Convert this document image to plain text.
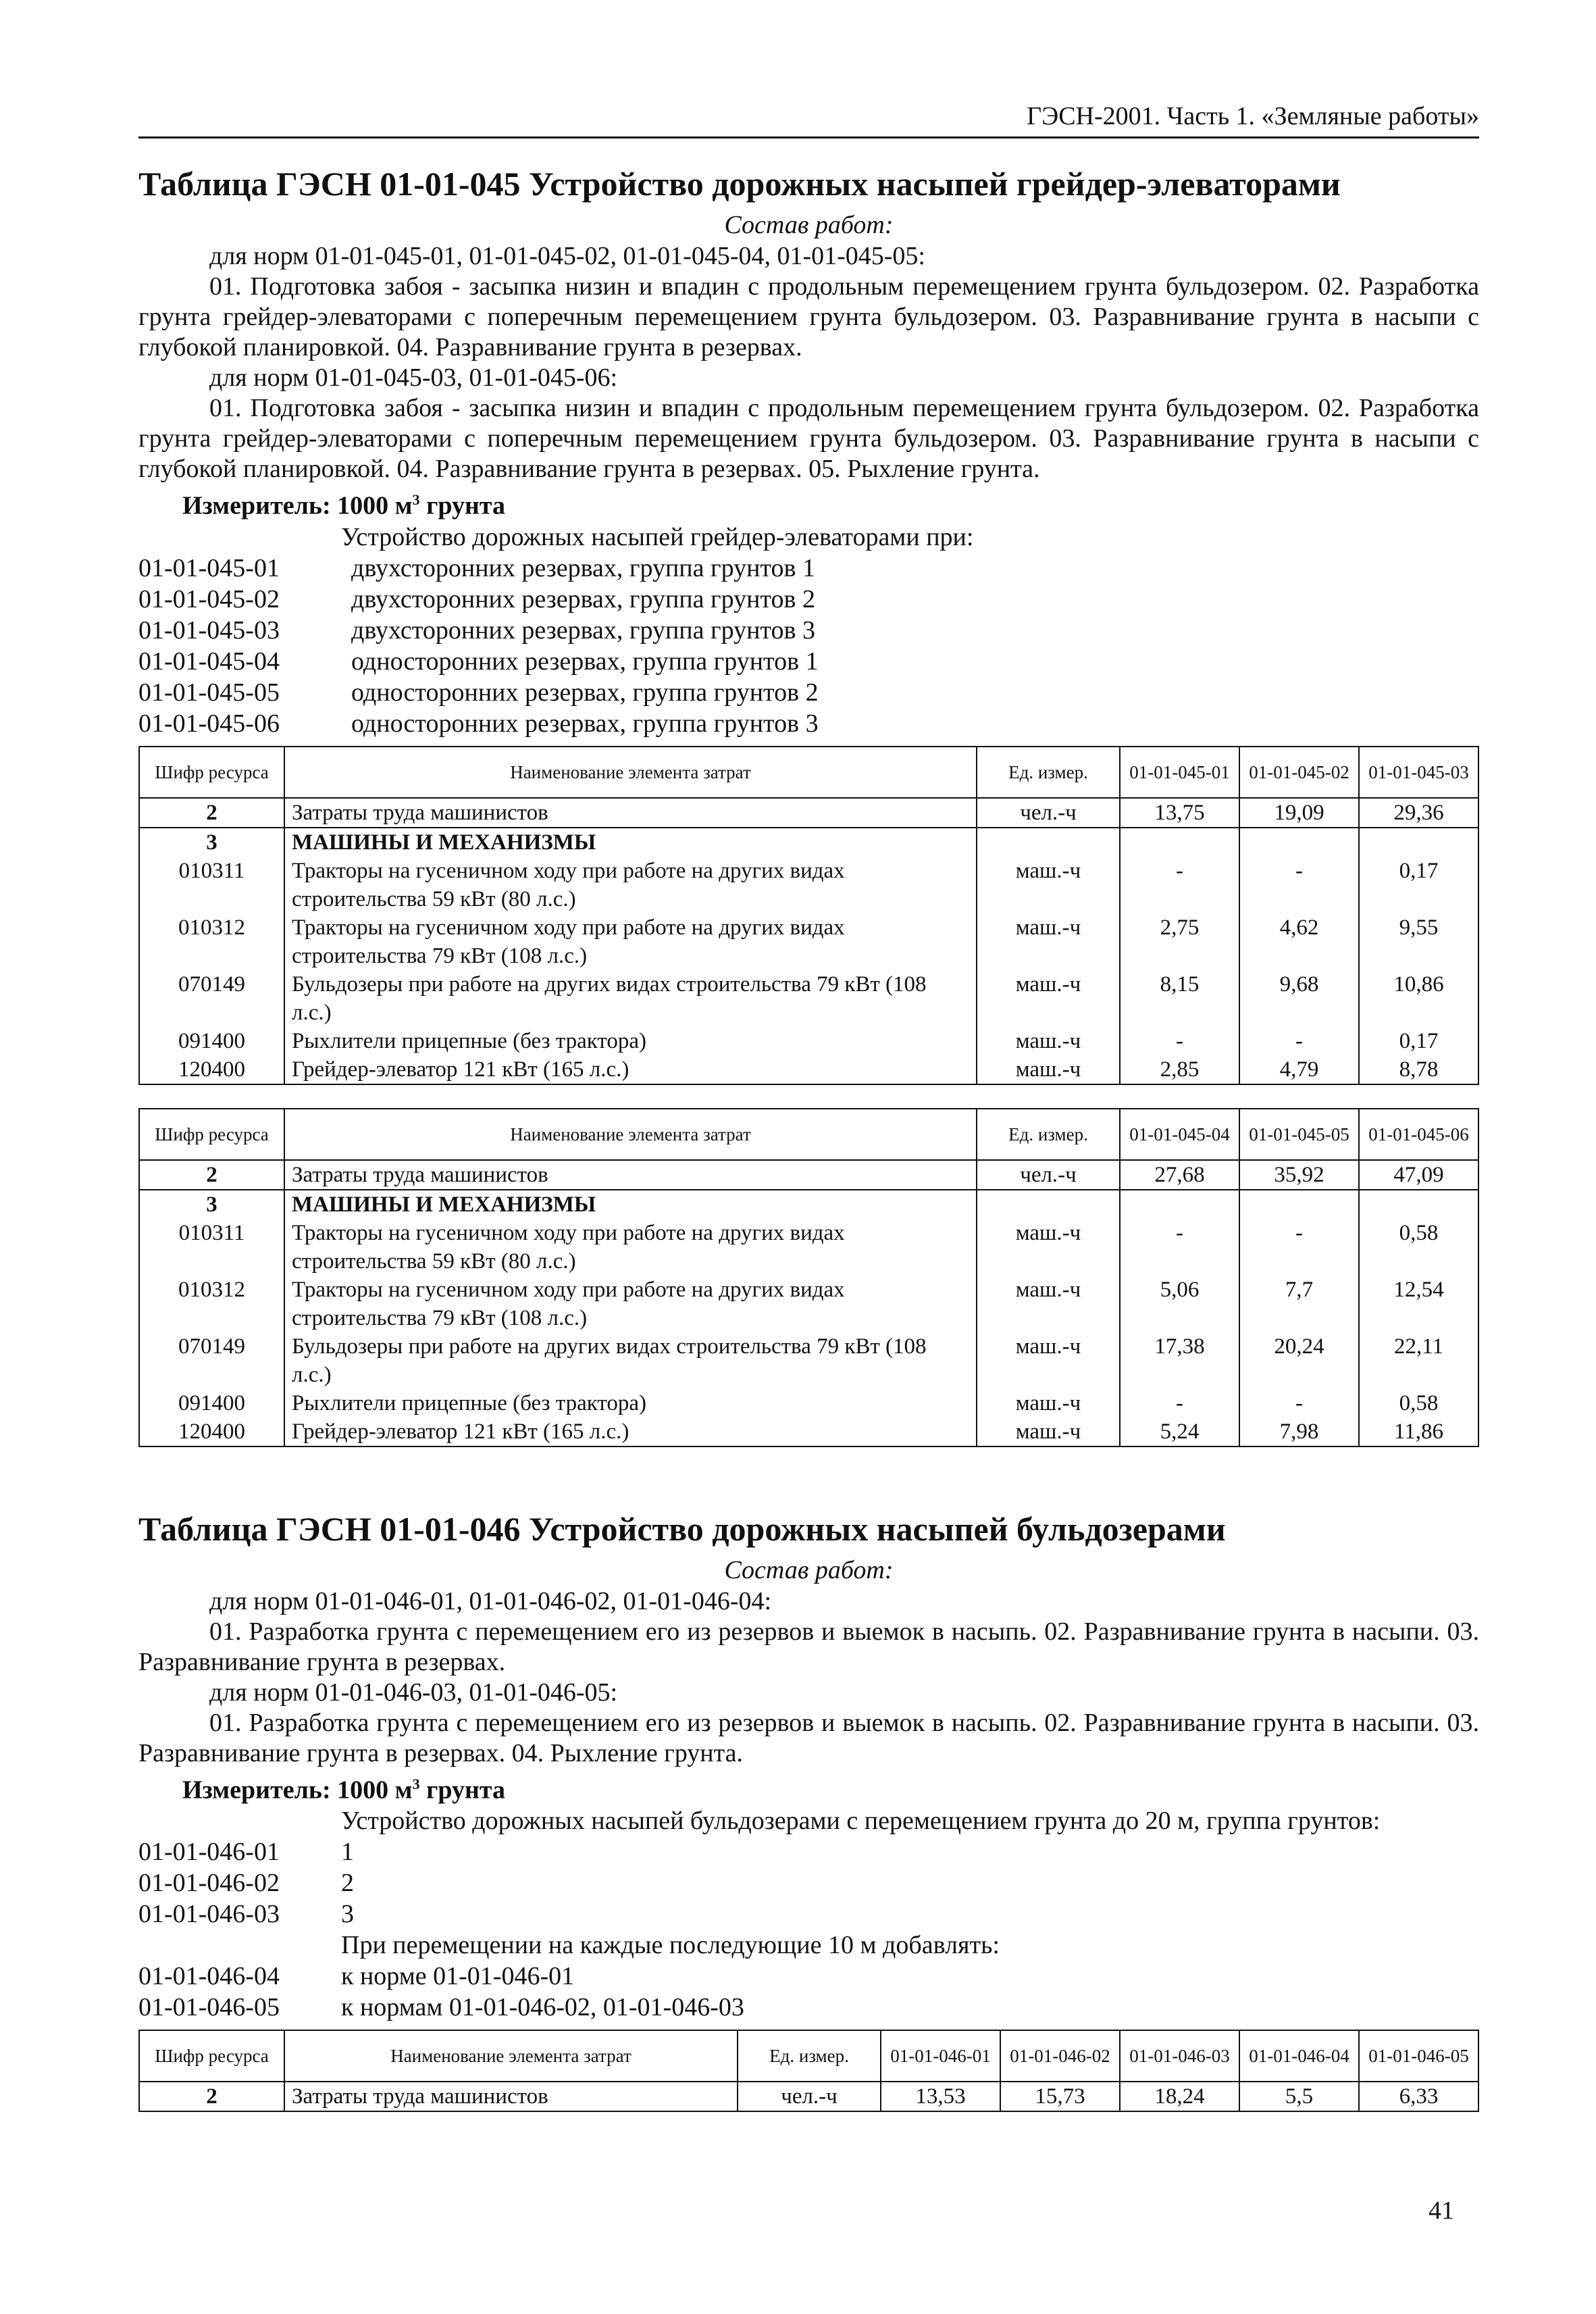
ГЭСН-2001. Часть 1. «Земляные работы»
Таблица ГЭСН 01-01-045 Устройство дорожных насыпей грейдер-элеваторами
Состав работ:

для норм 01-01-045-01, 01-01-045-02, 01-01-045-04, 01-01-045-05:

01. Подготовка забоя - засыпка низин и впадин с продольным перемещением грунта бульдозером. 02. Разработка грунта грейдер-элеваторами с поперечным перемещением грунта бульдозером. 03. Разравнивание грунта в насыпи с глубокой планировкой. 04. Разравнивание грунта в резервах.

для норм 01-01-045-03, 01-01-045-06:

01. Подготовка забоя - засыпка низин и впадин с продольным перемещением грунта бульдозером. 02. Разработка грунта грейдер-элеваторами с поперечным перемещением грунта бульдозером. 03. Разравнивание грунта в насыпи с глубокой планировкой. 04. Разравнивание грунта в резервах. 05. Рыхление грунта.

Измеритель: 1000 $м^3$ грунта
Устройство дорожных насыпей грейдер-элеваторами при:
01-01-045-01	двухсторонних резервах, группа грунтов 1
01-01-045-02	двухсторонних резервах, группа грунтов 2
01-01-045-03	двухсторонних резервах, группа грунтов 3
01-01-045-04	односторонних резервах, группа грунтов 1
01-01-045-05	односторонних резервах, группа грунтов 2
01-01-045-06	односторонних резервах, группа грунтов 3
Шифр ресурса	Наименование элемента затрат	Ед. измер.	01-01-045-01	01-01-045-02	01-01-045-03
2	Затраты труда машинистов	чел.-ч	13,75	19,09	29,36
3	МАШИНЫ И МЕХАНИЗМЫ				
010311	Тракторы на гусеничном ходу при работе на других видах строительства 59 кВт (80 л.с.)	маш.-ч	-	-	0,17
010312	Тракторы на гусеничном ходу при работе на других видах строительства 79 кВт (108 л.с.)	маш.-ч	2,75	4,62	9,55
070149	Бульдозеры при работе на других видах строительства 79 кВт (108 л.с.)	маш.-ч	8,15	9,68	10,86
091400	Рыхлители прицепные (без трактора)	маш.-ч	-	-	0,17
120400	Грейдер-элеватор 121 кВт (165 л.с.)	маш.-ч	2,85	4,79	8,78
Шифр ресурса	Наименование элемента затрат	Ед. измер.	01-01-045-04	01-01-045-05	01-01-045-06
2	Затраты труда машинистов	чел.-ч	27,68	35,92	47,09
3	МАШИНЫ И МЕХАНИЗМЫ				
010311	Тракторы на гусеничном ходу при работе на других видах строительства 59 кВт (80 л.с.)	маш.-ч	-	-	0,58
010312	Тракторы на гусеничном ходу при работе на других видах строительства 79 кВт (108 л.с.)	маш.-ч	5,06	7,7	12,54
070149	Бульдозеры при работе на других видах строительства 79 кВт (108 л.с.)	маш.-ч	17,38	20,24	22,11
091400	Рыхлители прицепные (без трактора)	маш.-ч	-	-	0,58
120400	Грейдер-элеватор 121 кВт (165 л.с.)	маш.-ч	5,24	7,98	11,86
Таблица ГЭСН 01-01-046 Устройство дорожных насыпей бульдозерами
Состав работ:

для норм 01-01-046-01, 01-01-046-02, 01-01-046-04:

01. Разработка грунта с перемещением его из резервов и выемок в насыпь. 02. Разравнивание грунта в насыпи. 03. Разравнивание грунта в резервах.

для норм 01-01-046-03, 01-01-046-05:

01. Разработка грунта с перемещением его из резервов и выемок в насыпь. 02. Разравнивание грунта в насыпи. 03. Разравнивание грунта в резервах. 04. Рыхление грунта.

Измеритель: 1000 $м^3$ грунта
Устройство дорожных насыпей бульдозерами с перемещением грунта до 20 м, группа грунтов:
01-01-046-01	1
01-01-046-02	2
01-01-046-03	3
При перемещении на каждые последующие 10 м добавлять:
01-01-046-04	к норме 01-01-046-01
01-01-046-05	к нормам 01-01-046-02, 01-01-046-03
Шифр ресурса	Наименование элемента затрат	Ед. измер.	01-01-046-01	01-01-046-02	01-01-046-03	01-01-046-04	01-01-046-05
2	Затраты труда машинистов	чел.-ч	13,53	15,73	18,24	5,5	6,33
41
